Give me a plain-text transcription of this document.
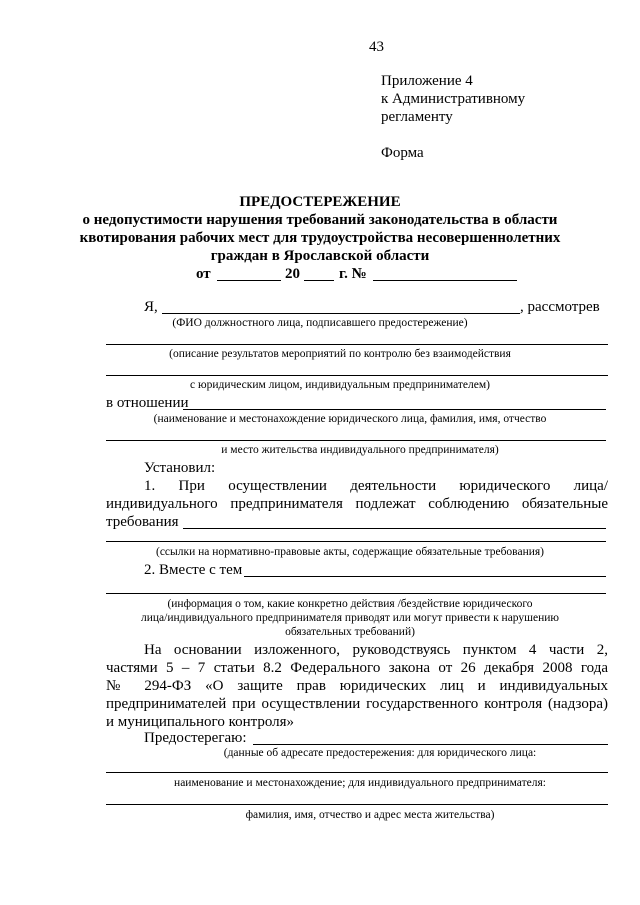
43
Приложение 4
к Административному
регламенту
Форма
ПРЕДОСТЕРЕЖЕНИЕ
о недопустимости нарушения требований законодательства в области
квотирования рабочих мест для трудоустройства несовершеннолетних
граждан в Ярославской области
от	20	г. №
Я,	, рассмотрев
(ФИО должностного лица, подписавшего предостережение)
(описание результатов мероприятий по контролю без взаимодействия
с юридическим лицом, индивидуальным предпринимателем)
в отношении
(наименование и местонахождение юридического лица, фамилия, имя, отчество
и место жительства индивидуального предпринимателя)
Установил:
1. При осуществлении деятельности юридического лица/
индивидуального предпринимателя подлежат соблюдению обязательные
требования
(ссылки на нормативно-правовые акты, содержащие обязательные требования)
2. Вместе с тем
(информация о том, какие конкретно действия /бездействие юридического
лица/индивидуального предпринимателя приводят или могут привести к нарушению
обязательных требований)
На основании изложенного, руководствуясь пунктом 4 части 2,
частями 5 – 7 статьи 8.2 Федерального закона от 26 декабря 2008 года
№ 294-ФЗ «О защите прав юридических лиц и индивидуальных
предпринимателей при осуществлении государственного контроля (надзора)
и муниципального контроля»
Предостерегаю:
(данные об адресате предостережения: для юридического лица:
наименование и местонахождение; для индивидуального предпринимателя:
фамилия, имя, отчество и адрес места жительства)
